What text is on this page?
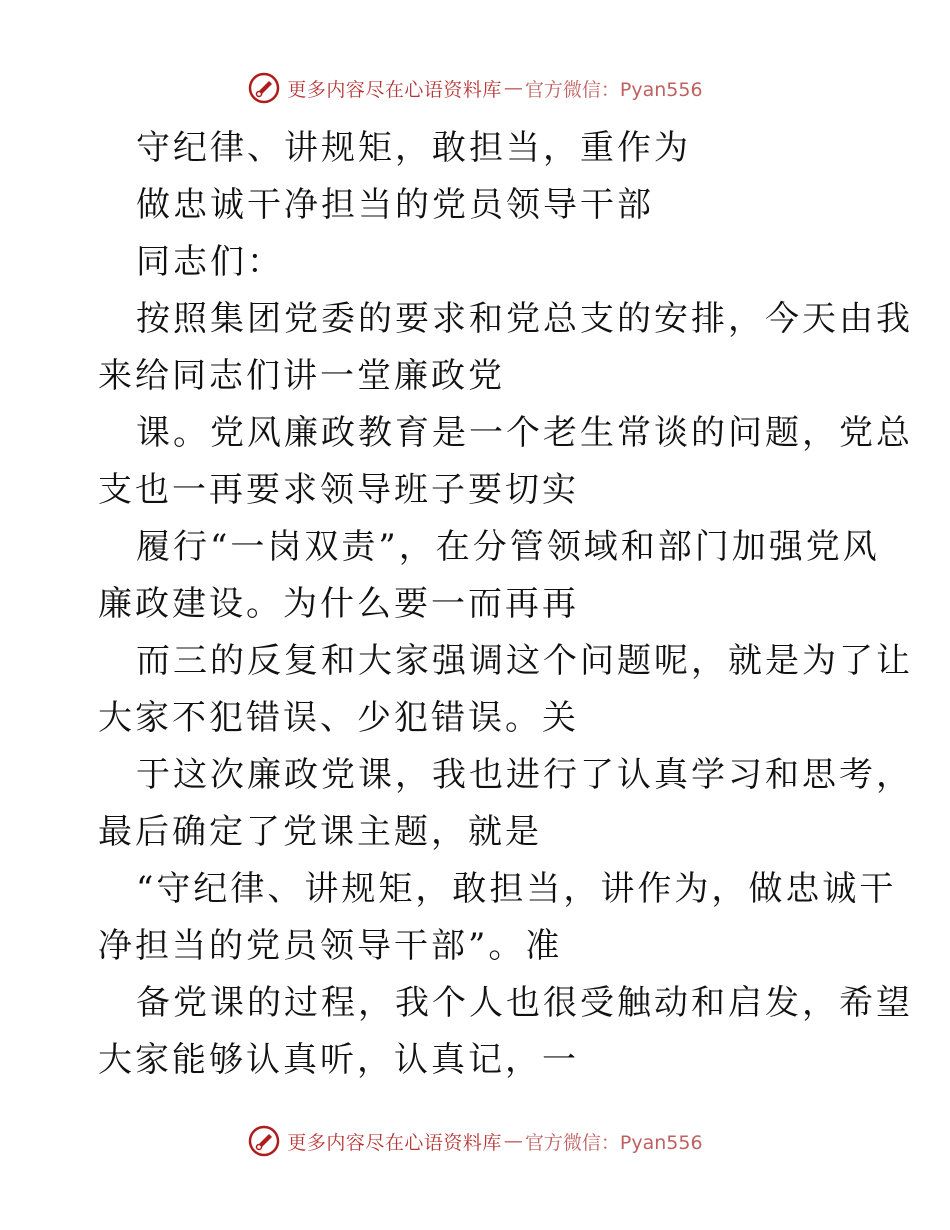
更多内容尽在心语资料库 — 官方微信：Pyan556
守纪律、讲规矩，敢担当，重作为
做忠诚干净担当的党员领导干部
同志们：
按照集团党委的要求和党总支的安排，今天由我
来给同志们讲一堂廉政党
课。党风廉政教育是一个老生常谈的问题，党总
支也一再要求领导班子要切实
履行“一岗双责”，在分管领域和部门加强党风
廉政建设。为什么要一而再再
而三的反复和大家强调这个问题呢，就是为了让
大家不犯错误、少犯错误。关
于这次廉政党课，我也进行了认真学习和思考，
最后确定了党课主题，就是
“守纪律、讲规矩，敢担当，讲作为，做忠诚干
净担当的党员领导干部”。准
备党课的过程，我个人也很受触动和启发，希望
大家能够认真听，认真记，一
更多内容尽在心语资料库 — 官方微信：Pyan556
